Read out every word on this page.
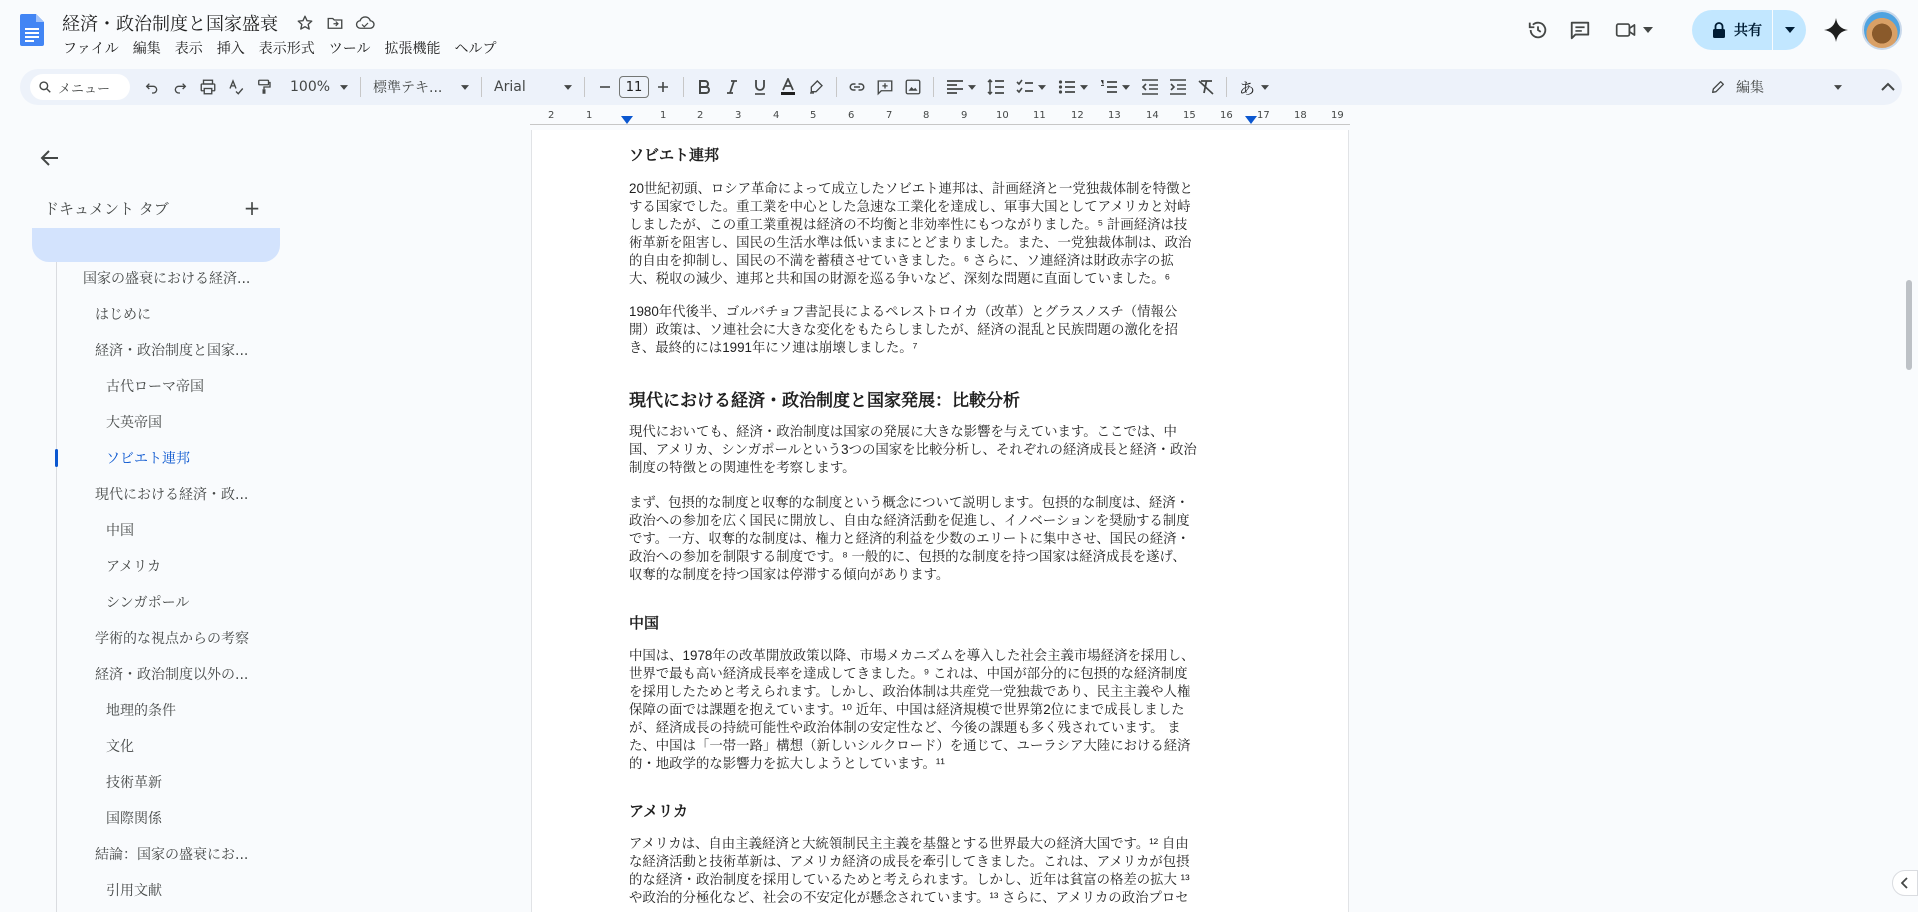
経済・政治制度と国家盛衰
ファイル	編集	表示	挿入	表示形式	ツール	拡張機能	ヘルプ
共有
メニュー	100%	標準テキ...	Arial	11	あ	編集
ドキュメント タブ	+
国家の盛衰における経済...
はじめに
経済・政治制度と国家...
古代ローマ帝国
大英帝国
ソビエト連邦
現代における経済・政...
中国
アメリカ
シンガポール
学術的な視点からの考察
経済・政治制度以外の...
地理的条件
文化
技術革新
国際関係
結論：国家の盛衰にお...
引用文献
2	1	1	2	3	4	5	6	7	8	9	10 11	12 13	14 15 16 17 18 19
ソビエト連邦
20世紀初頭、ロシア革命によって成立したソビエト連邦は、計画経済と一党独裁体制を特徴と
する国家でした。重工業を中心とした急速な工業化を達成し、軍事大国としてアメリカと対峙
しましたが、この重工業重視は経済の不均衡と非効率性にもつながりました。⁵ 計画経済は技
術革新を阻害し、国民の生活水準は低いままにとどまりました。また、一党独裁体制は、政治
的自由を抑制し、国民の不満を蓄積させていきました。⁶ さらに、ソ連経済は財政赤字の拡
大、税収の減少、連邦と共和国の財源を巡る争いなど、深刻な問題に直面していました。⁶
1980年代後半、ゴルバチョフ書記長によるペレストロイカ（改革）とグラスノスチ（情報公
開）政策は、ソ連社会に大きな変化をもたらしましたが、経済の混乱と民族問題の激化を招
き、最終的には1991年にソ連は崩壊しました。⁷
現代における経済・政治制度と国家発展：比較分析
現代においても、経済・政治制度は国家の発展に大きな影響を与えています。ここでは、中
国、アメリカ、シンガポールという3つの国家を比較分析し、それぞれの経済成長と経済・政治
制度の特徴との関連性を考察します。
まず、包摂的な制度と収奪的な制度という概念について説明します。包摂的な制度は、経済・
政治への参加を広く国民に開放し、自由な経済活動を促進し、イノベーションを奨励する制度
です。一方、収奪的な制度は、権力と経済的利益を少数のエリートに集中させ、国民の経済・
政治への参加を制限する制度です。⁸ 一般的に、包摂的な制度を持つ国家は経済成長を遂げ、
収奪的な制度を持つ国家は停滞する傾向があります。
中国
中国は、1978年の改革開放政策以降、市場メカニズムを導入した社会主義市場経済を採用し、
世界で最も高い経済成長率を達成してきました。⁹ これは、中国が部分的に包摂的な経済制度
を採用したためと考えられます。しかし、政治体制は共産党一党独裁であり、民主主義や人権
保障の面では課題を抱えています。¹⁰ 近年、中国は経済規模で世界第2位にまで成長しました
が、経済成長の持続可能性や政治体制の安定性など、今後の課題も多く残されています。 ま
た、中国は「一帯一路」構想（新しいシルクロード）を通じて、ユーラシア大陸における経済
的・地政学的な影響力を拡大しようとしています。¹¹
アメリカ
アメリカは、自由主義経済と大統領制民主主義を基盤とする世界最大の経済大国です。¹² 自由
な経済活動と技術革新は、アメリカ経済の成長を牽引してきました。これは、アメリカが包摂
的な経済・政治制度を採用しているためと考えられます。しかし、近年は貧富の格差の拡大 ¹³
や政治的分極化など、社会の不安定化が懸念されています。¹³ さらに、アメリカの政治プロセ
